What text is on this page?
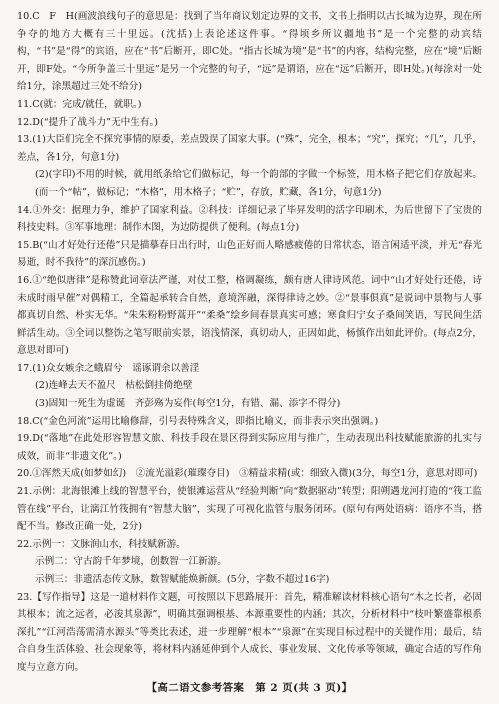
10.C　F　H(画波浪线句子的意思是：找到了当年商议划定边界的文书，文书上指明以古长城为边界，现在所争夺的地方大概有三十里远。(沈括)上表论述这件事。“得顷乡所议疆地书”是一个完整的动宾结构，“书”是“得”的宾语，应在“书”后断开，即C处。“指古长城为境”是“书”的内容，结构完整，应在“境”后断开，即F处。“今所争盖三十里远”是另一个完整的句子，“远”是谓语，应在“远”后断开，即H处。)(每涂对一处给1分，涂黑超过三处不给分)

11.C(就：完成/就任，就职。)

12.D(“提升了战斗力”无中生有。)

13.(1)大臣们完全不探究事情的原委，差点毁误了国家大事。(“殊”，完全，根本；“究”，探究；“几”，几乎，差点，各1分，句意1分)

(2)(字印)不用的时候，就用纸条给它们做标记，每一个韵部的字做一个标签，用木格子把它们存放起来。(而一个“帖”，做标记；“木格”，用木格子；“贮”，存放，贮藏，各1分，句意1分)

14.①外交：据理力争，维护了国家利益。②科技：详细记录了毕昇发明的活字印刷术，为后世留下了宝贵的科技史料。③军事地理：制作木图，为边防提供了便利。(每点1分)

15.B(“山才好处行还倦”只是描摹春日出行时，山色正好而人略感疲倦的日常状态，语言闲适平淡，并无“春光易逝，时不我待”的深沉感伤。)

16.①“绝似唐律”是称赞此词章法严谨，对仗工整，格调凝练，颇有唐人律诗风范。词中“山才好处行还倦，诗未成时雨早催”对偶精工，全篇起承转合自然，意境浑融，深得律诗之妙。②“景事俱真”是说词中景物与人事都真切自然、朴实无华。“朱朱粉粉野蒿开”“柔桑”绘乡间春景真实可感；寒食归宁女子桑间笑语，写民间生活鲜活生动。③全词以整饬之笔写眼前实景，语浅情深，真切动人，正因如此，杨慎作出如此评价。(每点2分，意思对即可)

17.(1)众女嫉余之蛾眉兮　谣诼谓余以善淫

(2)连峰去天不盈尺　枯松倒挂倚绝壁

(3)固知一死生为虚诞　齐彭殇为妄作(每空1分，有错、漏、添字不得分)

18.C(“金色河流”运用比喻修辞，引号表特殊含义，即指比喻义，而非表示突出强调。)

19.D(“落地”在此处形容智慧文旅、科技手段在景区得到实际应用与推广，生动表现出科技赋能旅游的扎实与成效，而非“非遗文化”。)

20.①浑然天成(如梦如幻)　②流光溢彩(璀璨夺目)　③精益求精(或：细致入微)(3分，每空1分，意思对即可)

21.示例：北海银滩上线的智慧平台，使银滩运营从“经验判断”向“数据驱动”转型；阳朔遇龙河打造的“筏工监管在线”平台，让漓江竹筏拥有“智慧大脑”，实现了可视化监管与服务闭环。(原句有两处语病：语序不当，搭配不当。修改正确一处，2分)

22.示例一：文脉润山水，科技赋新游。

示例二：守古韵千年梦境，创数智一江新游。

示例三：非遗活态传文脉，数智赋能焕新颜。(5分，字数不超过16字)

23.【写作指导】这是一道材料作文题，可按照以下思路展开：首先，精准解读材料核心语句“木之长者，必固其根本；流之远者，必浚其泉源”，明确其强调根基、本源重要性的内涵；其次，分析材料中“枝叶繁盛靠根系深扎”“江河浩荡需清水源头”等类比表述，进一步理解“根本”“泉源”在实现目标过程中的关键作用；最后，结合自身生活体验、社会现象等，将材料内涵延伸到个人成长、事业发展、文化传承等领域，确定合适的写作角度与立意方向。

【高二语文参考答案　第 2 页(共 3 页)】
